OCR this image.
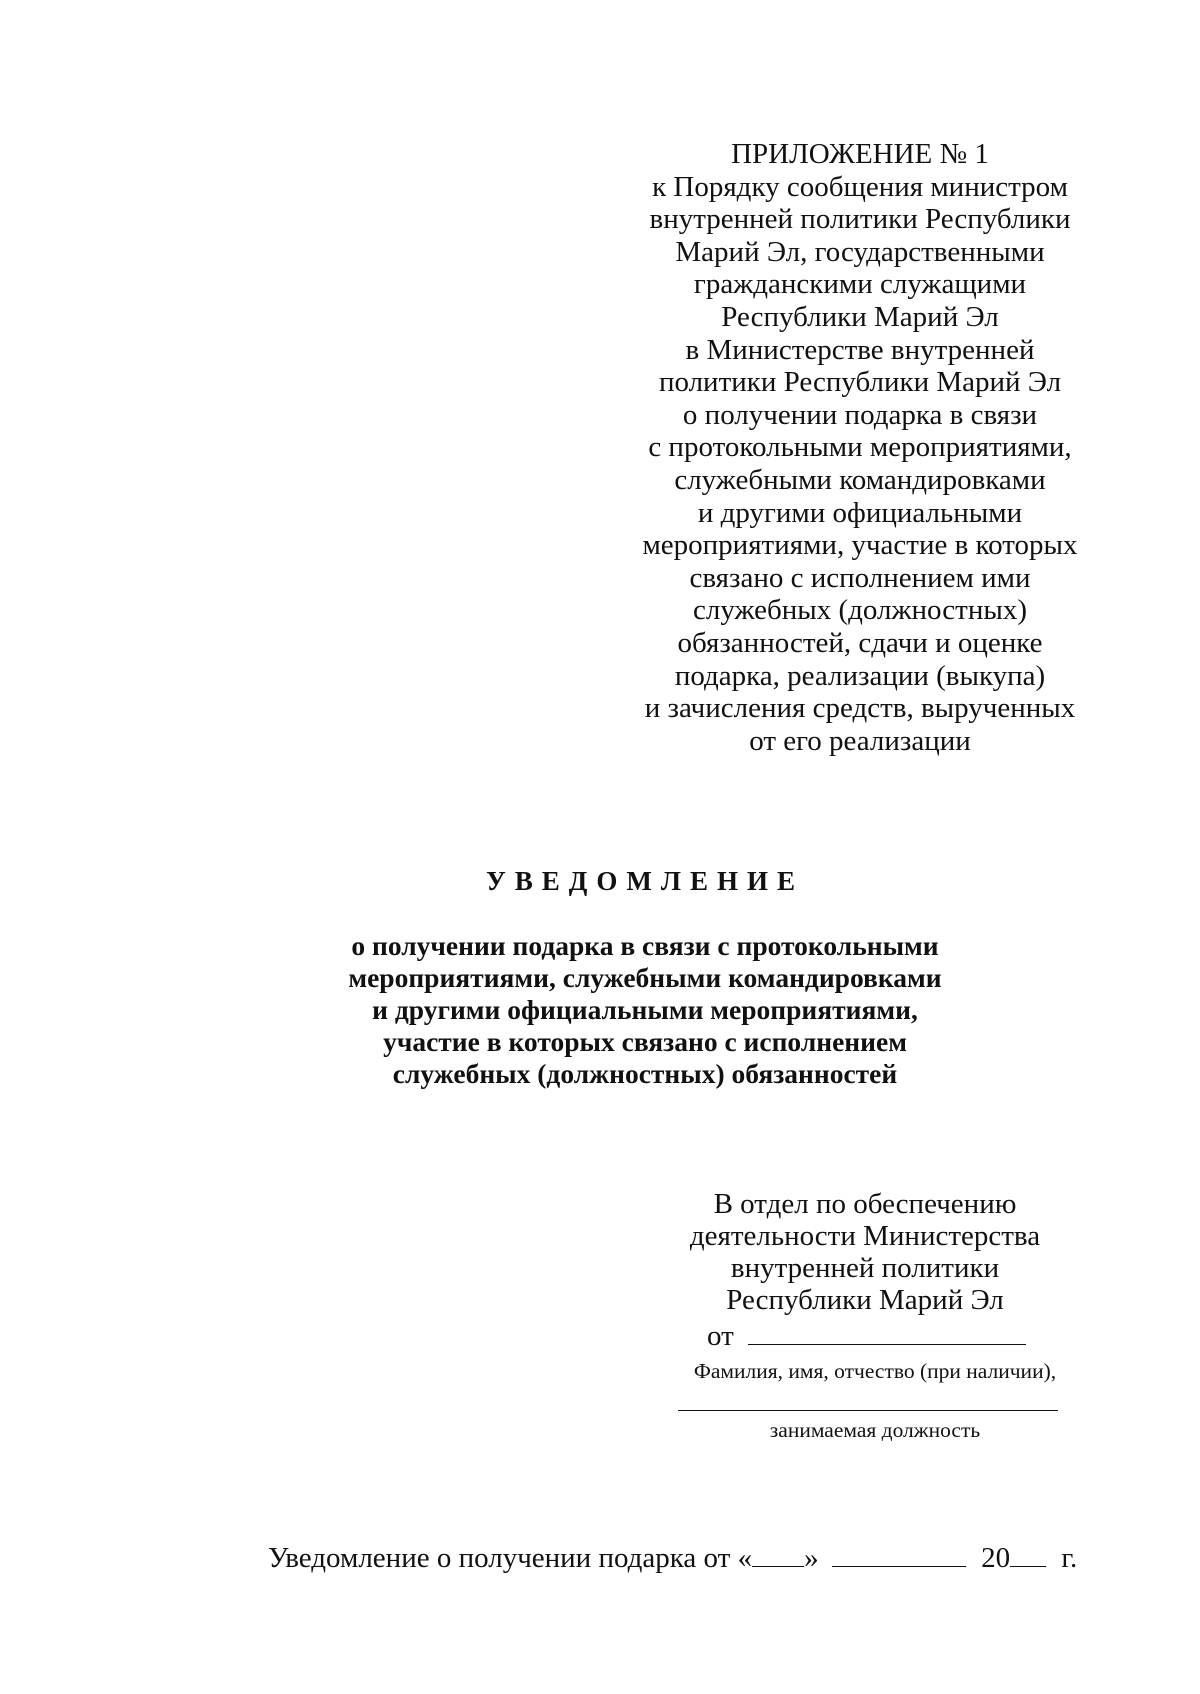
ПРИЛОЖЕНИЕ № 1
к Порядку сообщения министром
внутренней политики Республики
Марий Эл, государственными
гражданскими служащими
Республики Марий Эл
в Министерстве внутренней
политики Республики Марий Эл
о получении подарка в связи
с протокольными мероприятиями,
служебными командировками
и другими официальными
мероприятиями, участие в которых
связано с исполнением ими
служебных (должностных)
обязанностей, сдачи и оценке
подарка, реализации (выкупа)
и зачисления средств, вырученных
от его реализации
УВЕДОМЛЕНИЕ
о получении подарка в связи с протокольными
мероприятиями, служебными командировками
и другими официальными мероприятиями,
участие в которых связано с исполнением
служебных (должностных) обязанностей
В отдел по обеспечению
деятельности Министерства
внутренней политики
Республики Марий Эл
от
Фамилия, имя, отчество (при наличии),
занимаемая должность
Уведомление о получении подарка от « »	20 г.
